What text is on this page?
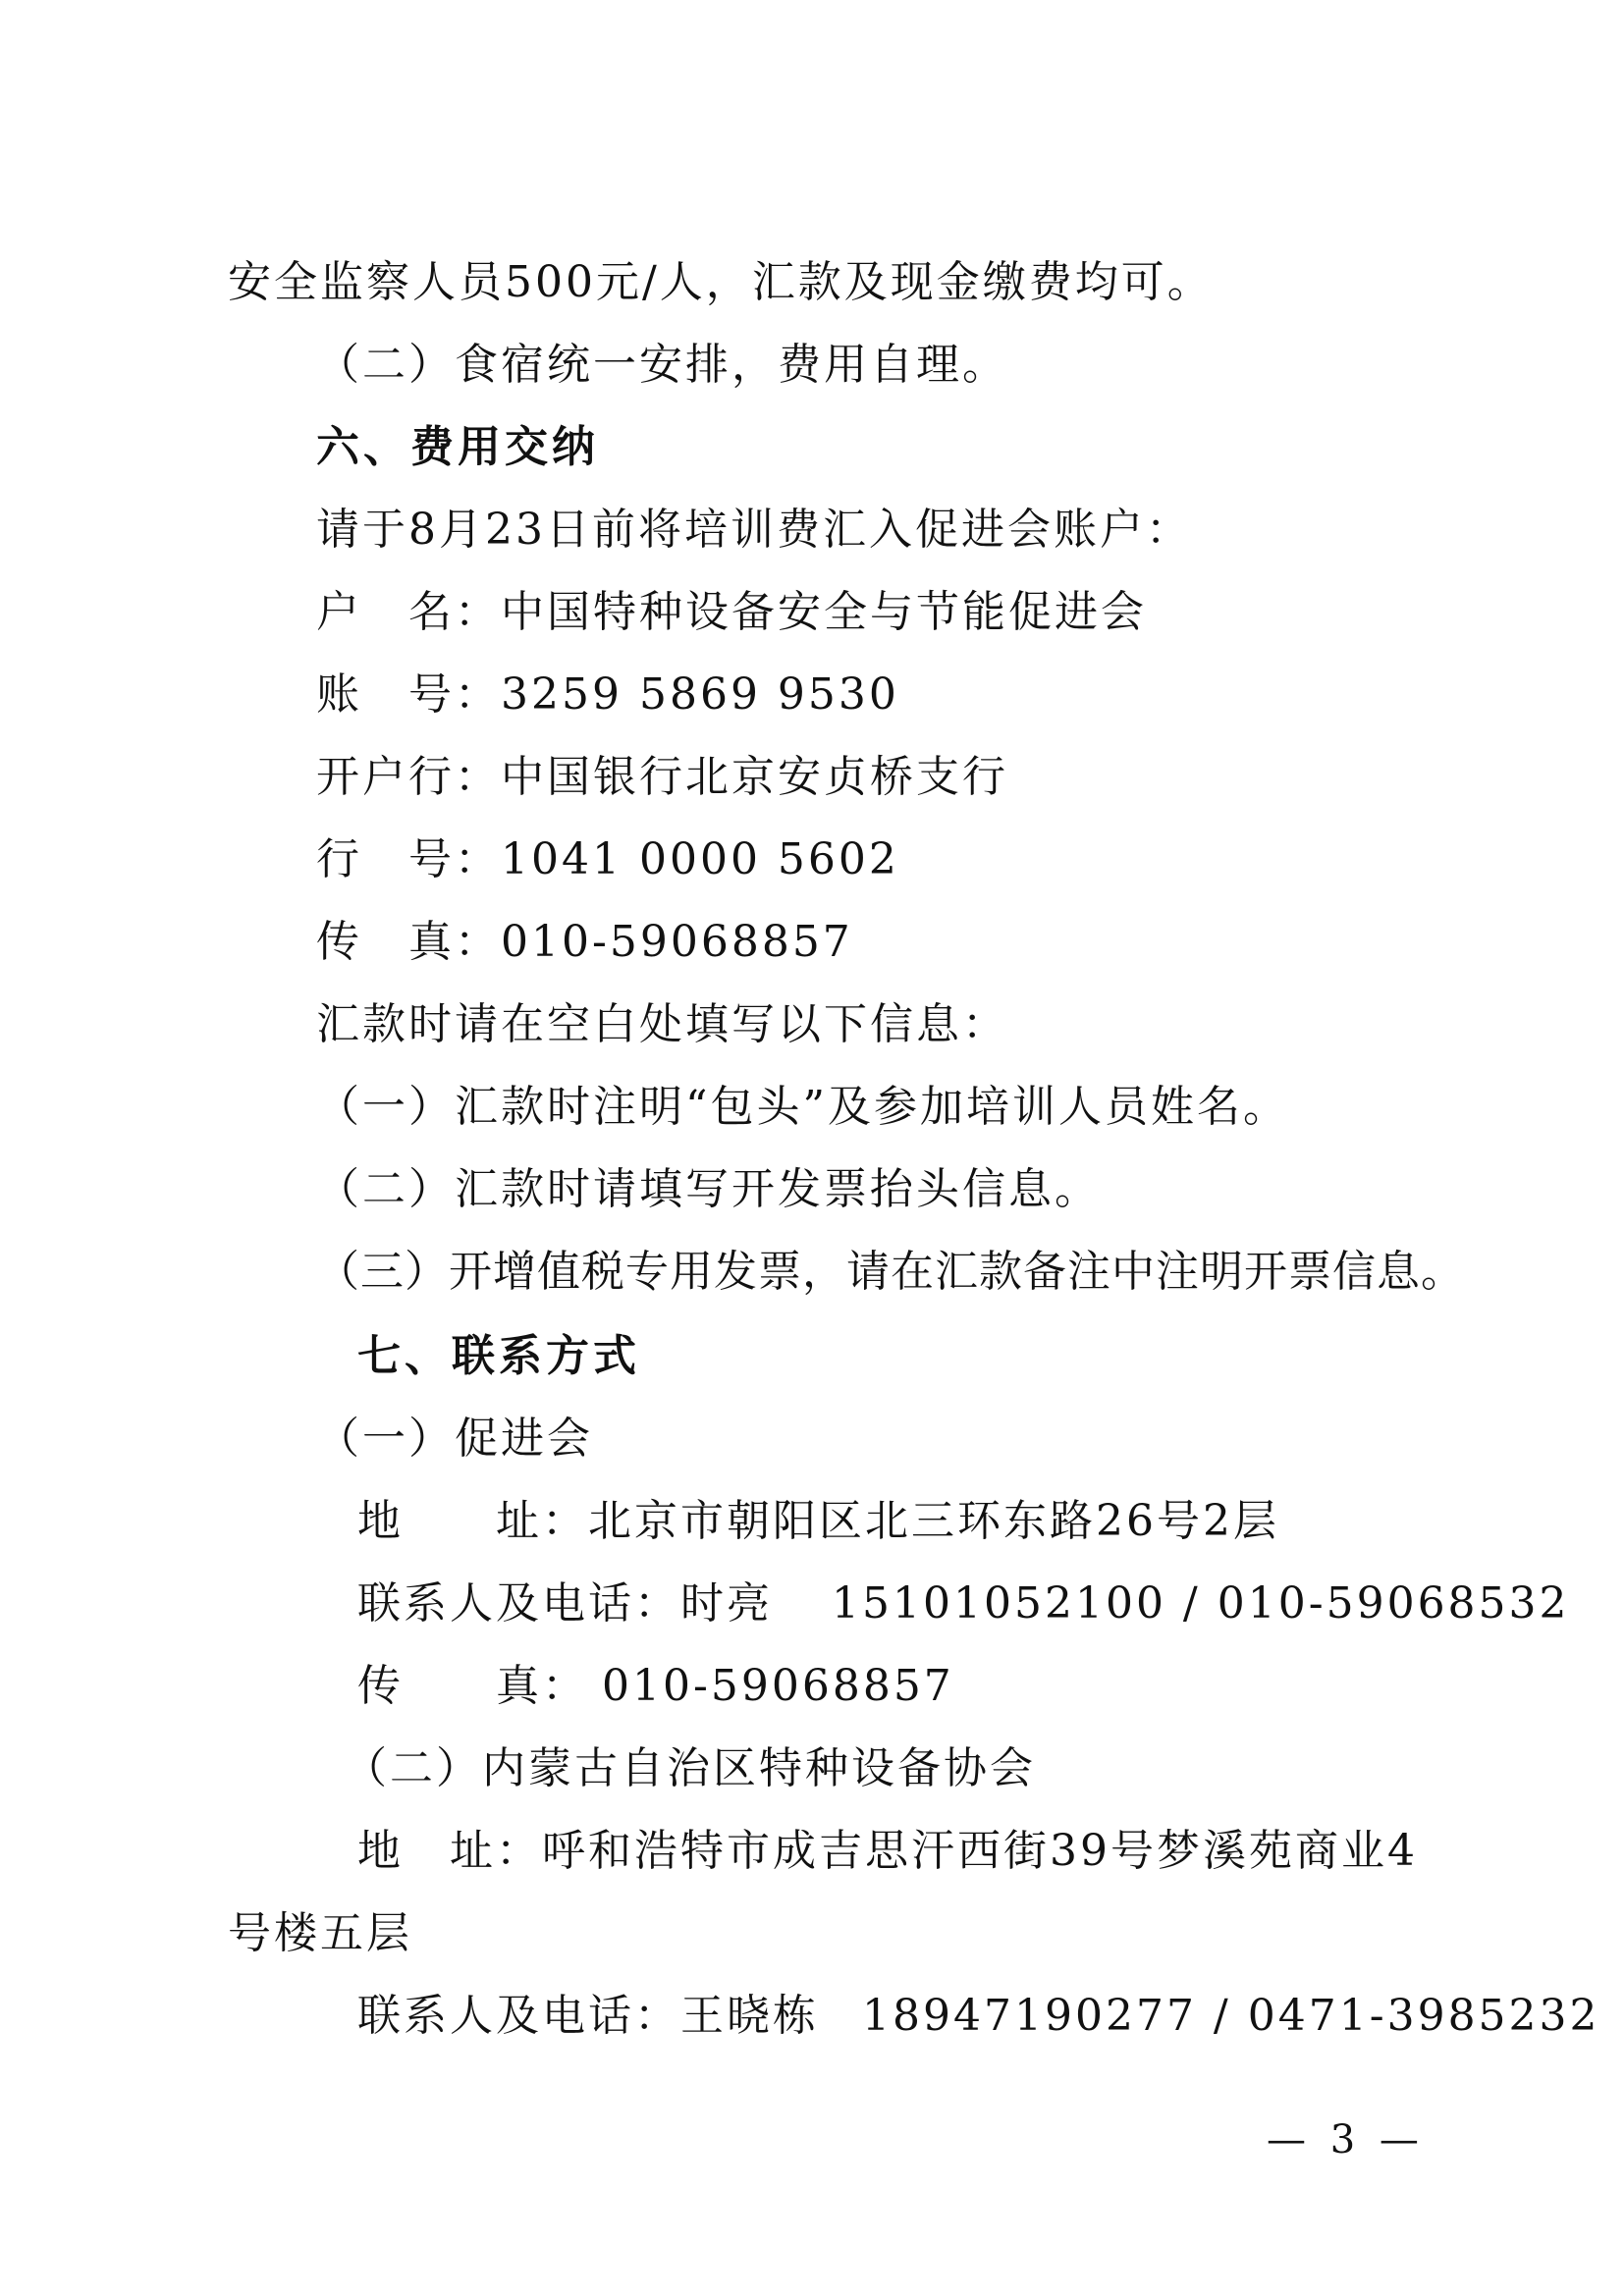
安全监察人员500元/人，汇款及现金缴费均可。
（二）食宿统一安排，费用自理。
六、费用交纳
请于8月23日前将培训费汇入促进会账户：
户　名：中国特种设备安全与节能促进会
账　号：3259 5869 9530
开户行：中国银行北京安贞桥支行
行　号：1041 0000 5602
传　真：010-59068857
汇款时请在空白处填写以下信息：
（一）汇款时注明“包头”及参加培训人员姓名。
（二）汇款时请填写开发票抬头信息。
（三）开增值税专用发票，请在汇款备注中注明开票信息。
七、联系方式
（一）促进会
地　　址：北京市朝阳区北三环东路26号2层
联系人及电话：时亮 15101052100 / 010-59068532
传　　真： 010-59068857
（二）内蒙古自治区特种设备协会
地　址：呼和浩特市成吉思汗西街39号梦溪苑商业4
号楼五层
联系人及电话：王晓栋 18947190277 / 0471-3985232
— 3 —
